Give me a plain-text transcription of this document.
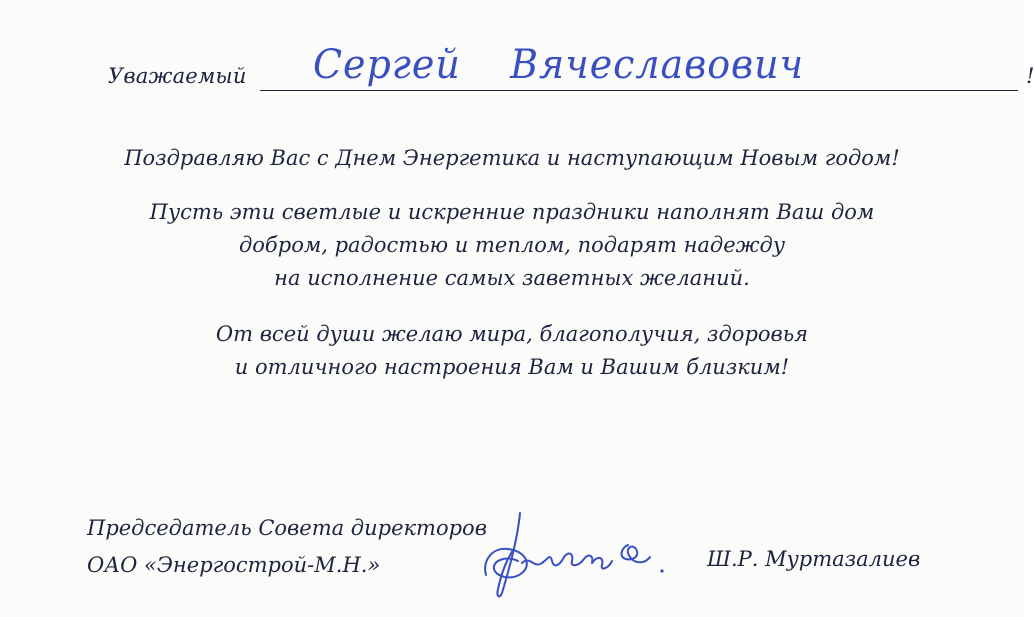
Уважаемый Сергей Вячеславович	!
Поздравляю Вас с Днем Энергетика и наступающим Новым годом!
Пусть эти светлые и искренние праздники наполнят Ваш дом
добром, радостью и теплом, подарят надежду
на исполнение самых заветных желаний.
От всей души желаю мира, благополучия, здоровья
и отличного настроения Вам и Вашим близким!
Председатель Совета директоров
ОАО «Энергострой-М.Н.»	Ш.Р. Муртазалиев
